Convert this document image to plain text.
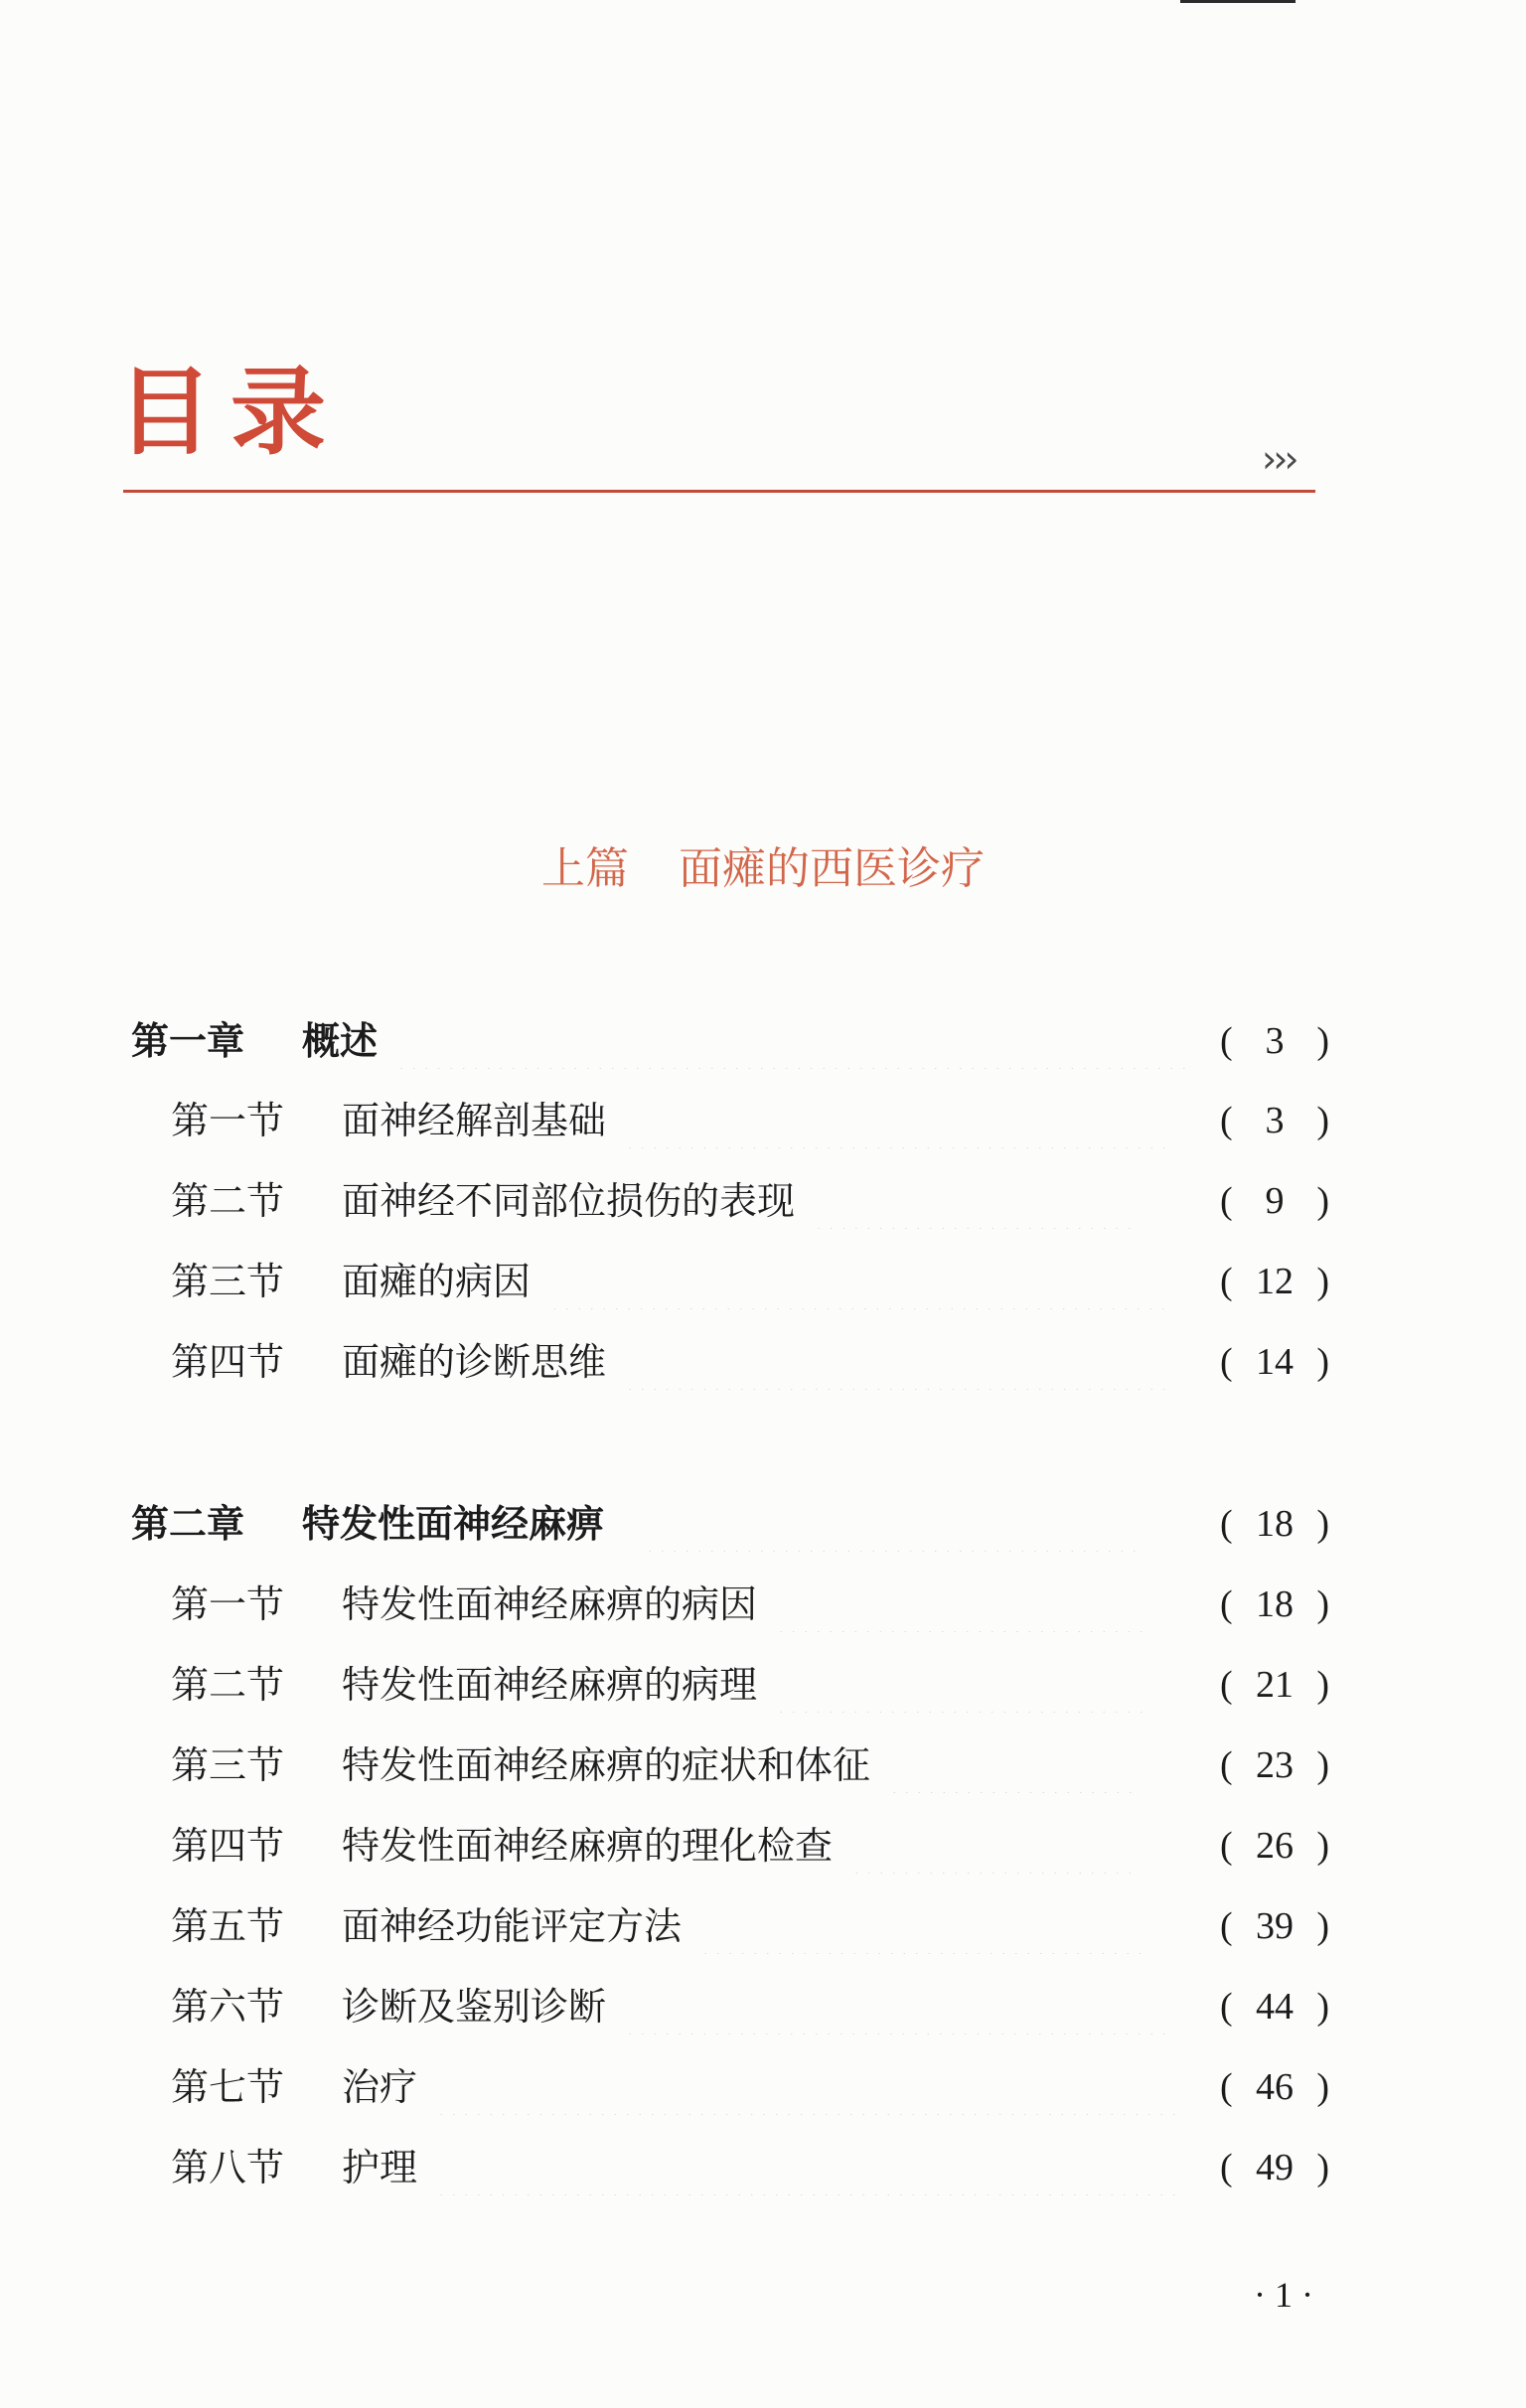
目录	›››
上篇 面瘫的西医诊疗
第一章	概述	( 3 )
第一节	面神经解剖基础	( 3 )
第二节	面神经不同部位损伤的表现	( 9 )
第三节	面瘫的病因	( 12 )
第四节	面瘫的诊断思维	( 14 )
第二章	特发性面神经麻痹	( 18 )
第一节	特发性面神经麻痹的病因	( 18 )
第二节	特发性面神经麻痹的病理	( 21 )
第三节	特发性面神经麻痹的症状和体征	( 23 )
第四节	特发性面神经麻痹的理化检查	( 26 )
第五节	面神经功能评定方法	( 39 )
第六节	诊断及鉴别诊断	( 44 )
第七节	治疗	( 46 )
第八节	护理	( 49 )
· 1 ·
